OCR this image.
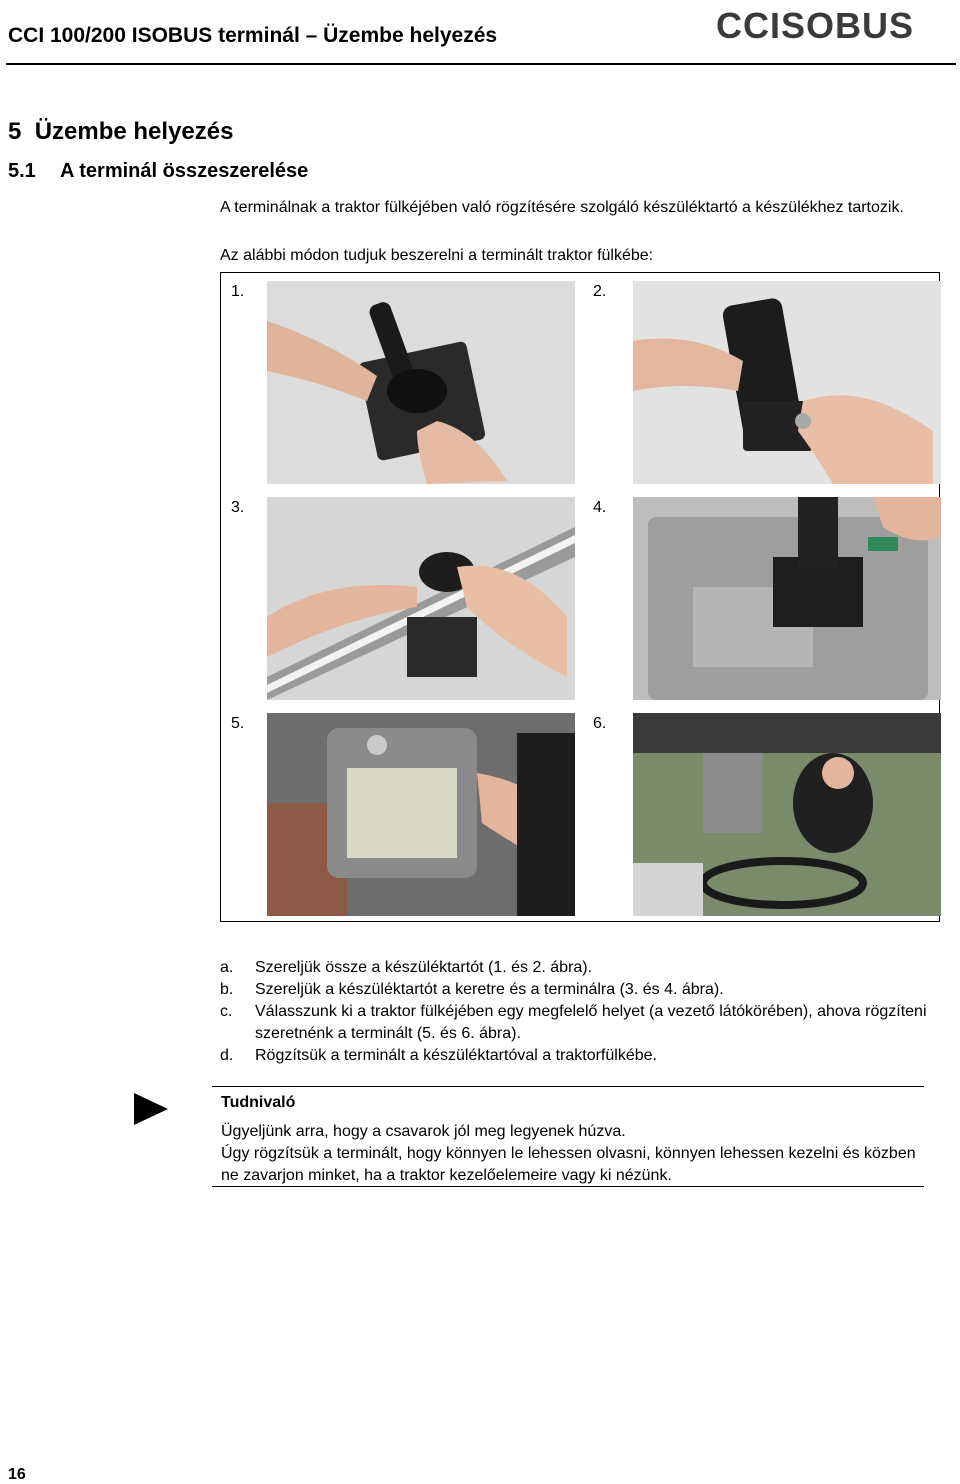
CCI 100/200 ISOBUS terminál – Üzembe helyezés	CCISOBUS
5 Üzembe helyezés
5.1 A terminál összeszerelése
A terminálnak a traktor fülkéjében való rögzítésére szolgáló készüléktartó a készülékhez tartozik.
Az alábbi módon tudjuk beszerelni a terminált traktor fülkébe:
1.	2.
3.	4.
5.	6.
a. Szereljük össze a készüléktartót (1. és 2. ábra).
b. Szereljük a készüléktartót a keretre és a terminálra (3. és 4. ábra).
c. Válasszunk ki a traktor fülkéjében egy megfelelő helyet (a vezető látókörében), ahova rögzíteni szeretnénk a terminált (5. és 6. ábra).
d. Rögzítsük a terminált a készüléktartóval a traktorfülkébe.
Tudnivaló
Ügyeljünk arra, hogy a csavarok jól meg legyenek húzva.
Úgy rögzítsük a terminált, hogy könnyen le lehessen olvasni, könnyen lehessen kezelni és közben ne zavarjon minket, ha a traktor kezelőelemeire vagy ki nézünk.
16
